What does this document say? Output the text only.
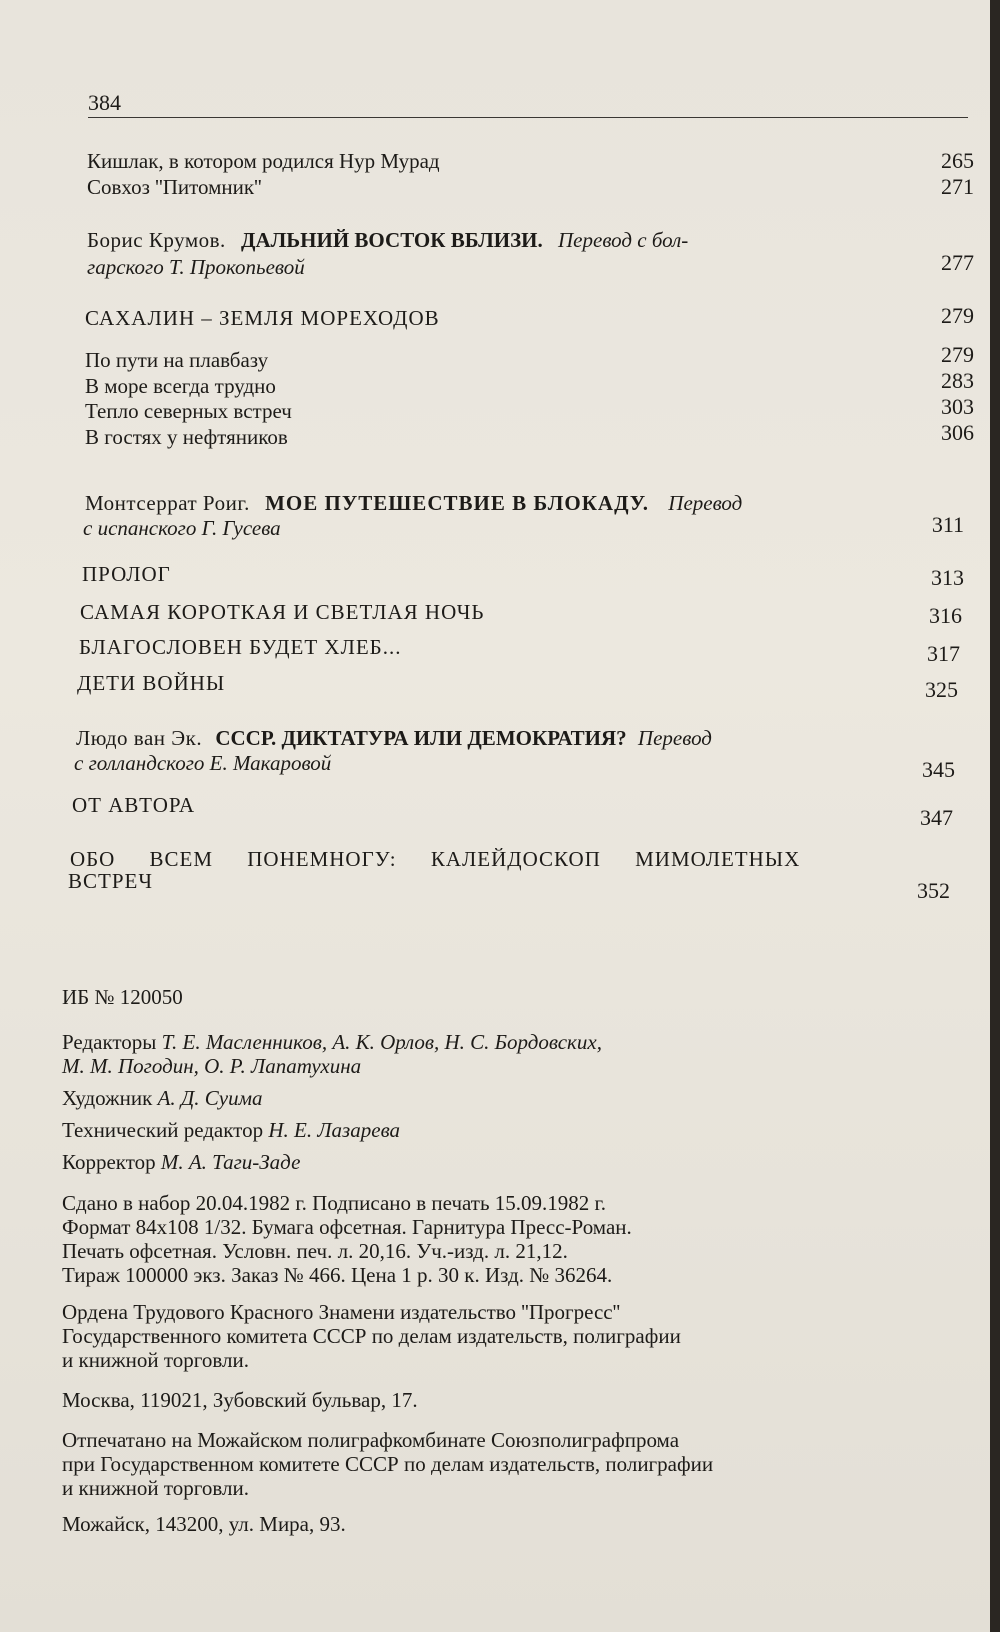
384
Кишлак, в котором родился Нур Мурад	265
Совхоз ''Питомник''	271
Борис Крумов. ДАЛЬНИЙ ВОСТОК ВБЛИЗИ. Перевод с бол-
гарского Т. Прокопьевой	277
САХАЛИН – ЗЕМЛЯ МОРЕХОДОВ	279
По пути на плавбазу	279
В море всегда трудно	283
Тепло северных встреч	303
В гостях у нефтяников	306
Монтсеррат Роиг. МОЕ ПУТЕШЕСТВИЕ В БЛОКАДУ. Перевод
с испанского Г. Гусева	311
ПРОЛОГ	313
САМАЯ КОРОТКАЯ И СВЕТЛАЯ НОЧЬ	316
БЛАГОСЛОВЕН БУДЕТ ХЛЕБ...	317
ДЕТИ ВОЙНЫ	325
Людо ван Эк. СССР. ДИКТАТУРА ИЛИ ДЕМОКРАТИЯ? Перевод
с голландского Е. Макаровой	345
ОТ АВТОРА	347
ОБО ВСЕМ ПОНЕМНОГУ: КАЛЕЙДОСКОП МИМОЛЕТНЫХ
ВСТРЕЧ	352
ИБ № 120050

Редакторы Т. Е. Масленников, А. К. Орлов, Н. С. Бордовских,

М. М. Погодин, О. Р. Лапатухина

Художник А. Д. Суима
Технический редактор Н. Е. Лазарева
Корректор М. А. Таги-Заде

Сдано в набор 20.04.1982 г. Подписано в печать 15.09.1982 г.

Формат 84х108 1/32. Бумага офсетная. Гарнитура Пресс-Роман.

Печать офсетная. Условн. печ. л. 20,16. Уч.-изд. л. 21,12.

Тираж 100000 экз. Заказ № 466. Цена 1 р. 30 к. Изд. № 36264.

Ордена Трудового Красного Знамени издательство ''Прогресс''

Государственного комитета СССР по делам издательств, полиграфии

и книжной торговли.

Москва, 119021, Зубовский бульвар, 17.

Отпечатано на Можайском полиграфкомбинате Союзполиграфпрома

при Государственном комитете СССР по делам издательств, полиграфии

и книжной торговли.

Можайск, 143200, ул. Мира, 93.
